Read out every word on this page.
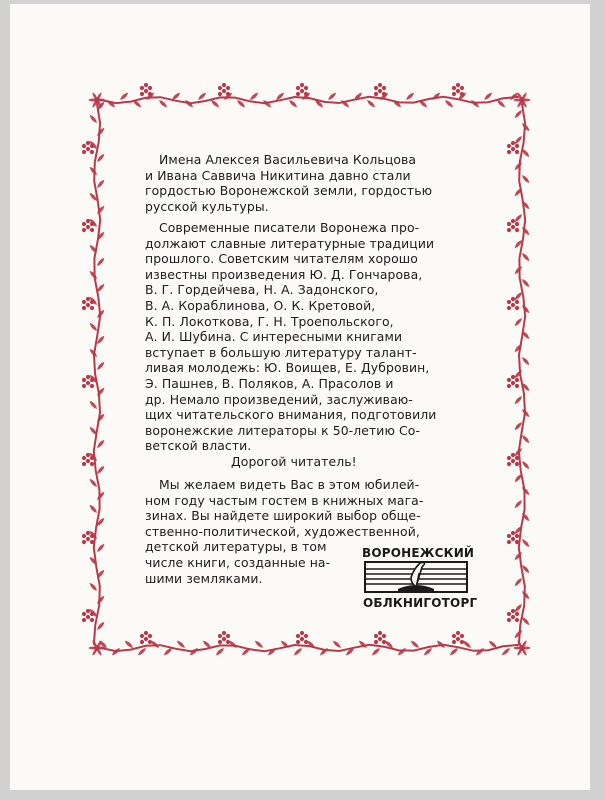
Имена Алексея Васильевича Кольцова
и Ивана Саввича Никитина давно стали
гордостью Воронежской земли, гордостью
русской культуры.
Современные писатели Воронежа про-
должают славные литературные традиции
прошлого. Советским читателям хорошо
известны произведения Ю. Д. Гончарова,
В. Г. Гордейчева, Н. А. Задонского,
В. А. Кораблинова, О. К. Кретовой,
К. П. Локоткова, Г. Н. Троепольского,
А. И. Шубина. С интересными книгами
вступает в большую литературу талант-
ливая молодежь: Ю. Воищев, Е. Дубровин,
Э. Пашнев, В. Поляков, А. Прасолов и
др. Немало произведений, заслуживаю-
щих читательского внимания, подготовили
воронежские литераторы к 50-летию Со-
ветской власти.
Дорогой читатель!
Мы желаем видеть Вас в этом юбилей-
ном году частым гостем в книжных мага-
зинах. Вы найдете широкий выбор обще-
ственно-политической, художественной,
детской литературы, в том
числе книги, созданные на-
шими земляками.
ВОРОНЕЖСКИЙ
ОБЛКНИГОТОРГ
